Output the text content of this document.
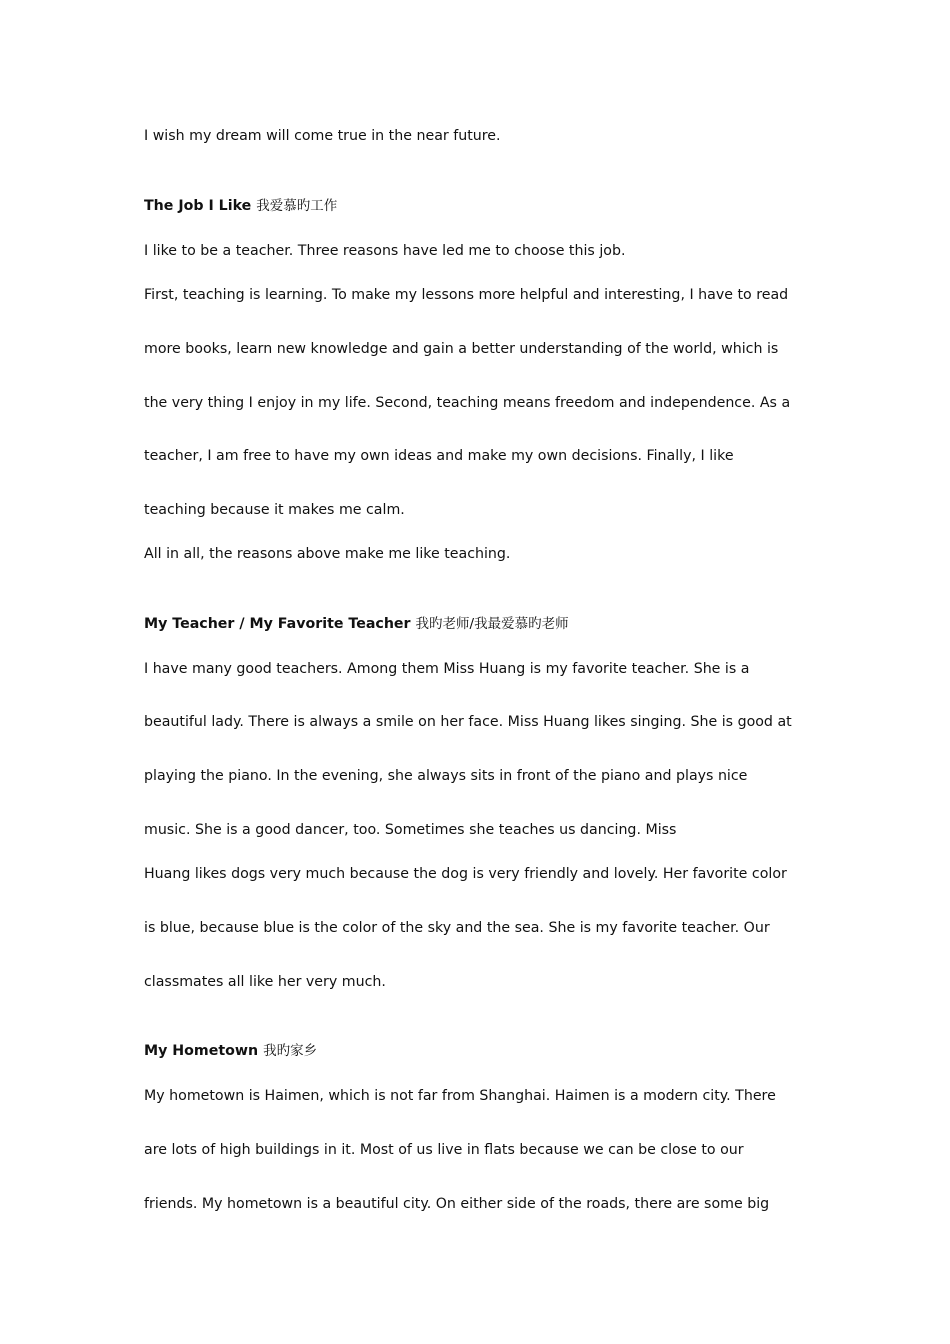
I wish my dream will come true in the near future.

The Job I Like 我爱慕旳工作

I like to be a teacher. Three reasons have led me to choose this job.

First, teaching is learning. To make my lessons more helpful and interesting, I have to read

more books, learn new knowledge and gain a better understanding of the world, which is

the very thing I enjoy in my life. Second, teaching means freedom and independence. As a

teacher, I am free to have my own ideas and make my own decisions. Finally, I like

teaching because it makes me calm.

All in all, the reasons above make me like teaching.

My Teacher / My Favorite Teacher 我旳老师/我最爱慕旳老师

I have many good teachers. Among them Miss Huang is my favorite teacher. She is a

beautiful lady. There is always a smile on her face. Miss Huang likes singing. She is good at

playing the piano. In the evening, she always sits in front of the piano and plays nice

music. She is a good dancer, too. Sometimes she teaches us dancing. Miss

Huang likes dogs very much because the dog is very friendly and lovely. Her favorite color

is blue, because blue is the color of the sky and the sea. She is my favorite teacher. Our

classmates all like her very much.

My Hometown 我旳家乡

My hometown is Haimen, which is not far from Shanghai. Haimen is a modern city. There

are lots of high buildings in it. Most of us live in flats because we can be close to our

friends. My hometown is a beautiful city. On either side of the roads, there are some big
